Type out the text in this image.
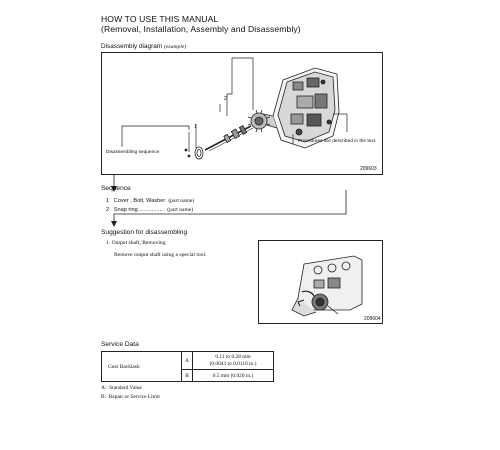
HOW TO USE THIS MANUAL
(Removal, Installation, Assembly and Disassembly)
Disassembly diagram (example)
2
1
Disassembling sequence
Procedures are described in the text.
209603
Sequence
1 Cover , Bolt, Washer (part name)
2 Snap ring ................ (part name)
Suggestion for disassembling
1. Output shaft, Removing
Remove output shaft using a special tool.
209604
Service Data
Gear Backlash	A	0.11 to 0.28 mm
(0.0043 to 0.0110 in.)

	B	0.5 mm (0.020 in.)
A: Standard Value
B: Repair or Service Limit
